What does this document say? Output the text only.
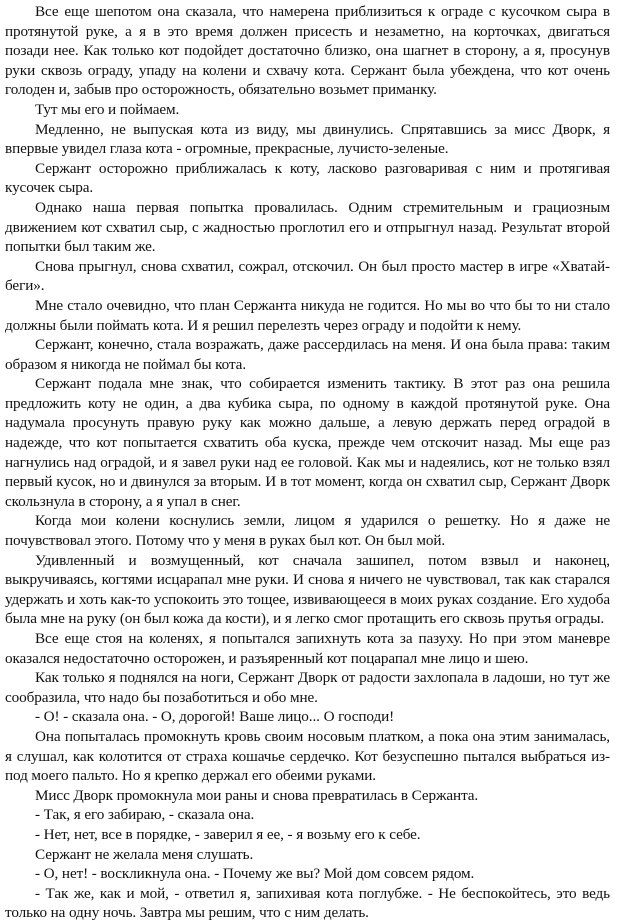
Все еще шепотом она сказала, что намерена приблизиться к ограде с кусочком сыра в протянутой руке, а я в это время должен присесть и незаметно, на корточках, двигаться позади нее. Как только кот подойдет достаточно близко, она шагнет в сторону, а я, просунув руки сквозь ограду, упаду на колени и схвачу кота. Сержант была убеждена, что кот очень голоден и, забыв про осторожность, обязательно возьмет приманку.

Тут мы его и поймаем.

Медленно, не выпуская кота из виду, мы двинулись. Спрятавшись за мисс Дворк, я впервые увидел глаза кота - огромные, прекрасные, лучисто-зеленые.

Сержант осторожно приближалась к коту, ласково разговаривая с ним и протягивая кусочек сыра.

Однако наша первая попытка провалилась. Одним стремительным и грациозным движением кот схватил сыр, с жадностью проглотил его и отпрыгнул назад. Результат второй попытки был таким же.

Снова прыгнул, снова схватил, сожрал, отскочил. Он был просто мастер в игре «Хватай-беги».

Мне стало очевидно, что план Сержанта никуда не годится. Но мы во что бы то ни стало должны были поймать кота. И я решил перелезть через ограду и подойти к нему.

Сержант, конечно, стала возражать, даже рассердилась на меня. И она была права: таким образом я никогда не поймал бы кота.

Сержант подала мне знак, что собирается изменить тактику. В этот раз она решила предложить коту не один, а два кубика сыра, по одному в каждой протянутой руке. Она надумала просунуть правую руку как можно дальше, а левую держать перед оградой в надежде, что кот попытается схватить оба куска, прежде чем отскочит назад. Мы еще раз нагнулись над оградой, и я завел руки над ее головой. Как мы и надеялись, кот не только взял первый кусок, но и двинулся за вторым. И в тот момент, когда он схватил сыр, Сержант Дворк скользнула в сторону, а я упал в снег.

Когда мои колени коснулись земли, лицом я ударился о решетку. Но я даже не почувствовал этого. Потому что у меня в руках был кот. Он был мой.

Удивленный и возмущенный, кот сначала зашипел, потом взвыл и наконец, выкручиваясь, когтями исцарапал мне руки. И снова я ничего не чувствовал, так как старался удержать и хоть как-то успокоить это тощее, извивающееся в моих руках создание. Его худоба была мне на руку (он был кожа да кости), и я легко смог протащить его сквозь прутья ограды.

Все еще стоя на коленях, я попытался запихнуть кота за пазуху. Но при этом маневре оказался недостаточно осторожен, и разъяренный кот поцарапал мне лицо и шею.

Как только я поднялся на ноги, Сержант Дворк от радости захлопала в ладоши, но тут же сообразила, что надо бы позаботиться и обо мне.

- О! - сказала она. - О, дорогой! Ваше лицо... О господи!

Она попыталась промокнуть кровь своим носовым платком, а пока она этим занималась, я слушал, как колотится от страха кошачье сердечко. Кот безуспешно пытался выбраться из-под моего пальто. Но я крепко держал его обеими руками.

Мисс Дворк промокнула мои раны и снова превратилась в Сержанта.

- Так, я его забираю, - сказала она.

- Нет, нет, все в порядке, - заверил я ее, - я возьму его к себе.

Сержант не желала меня слушать.

- О, нет! - воскликнула она. - Почему же вы? Мой дом совсем рядом.

- Так же, как и мой, - ответил я, запихивая кота поглубже. - Не беспокойтесь, это ведь только на одну ночь. Завтра мы решим, что с ним делать.
